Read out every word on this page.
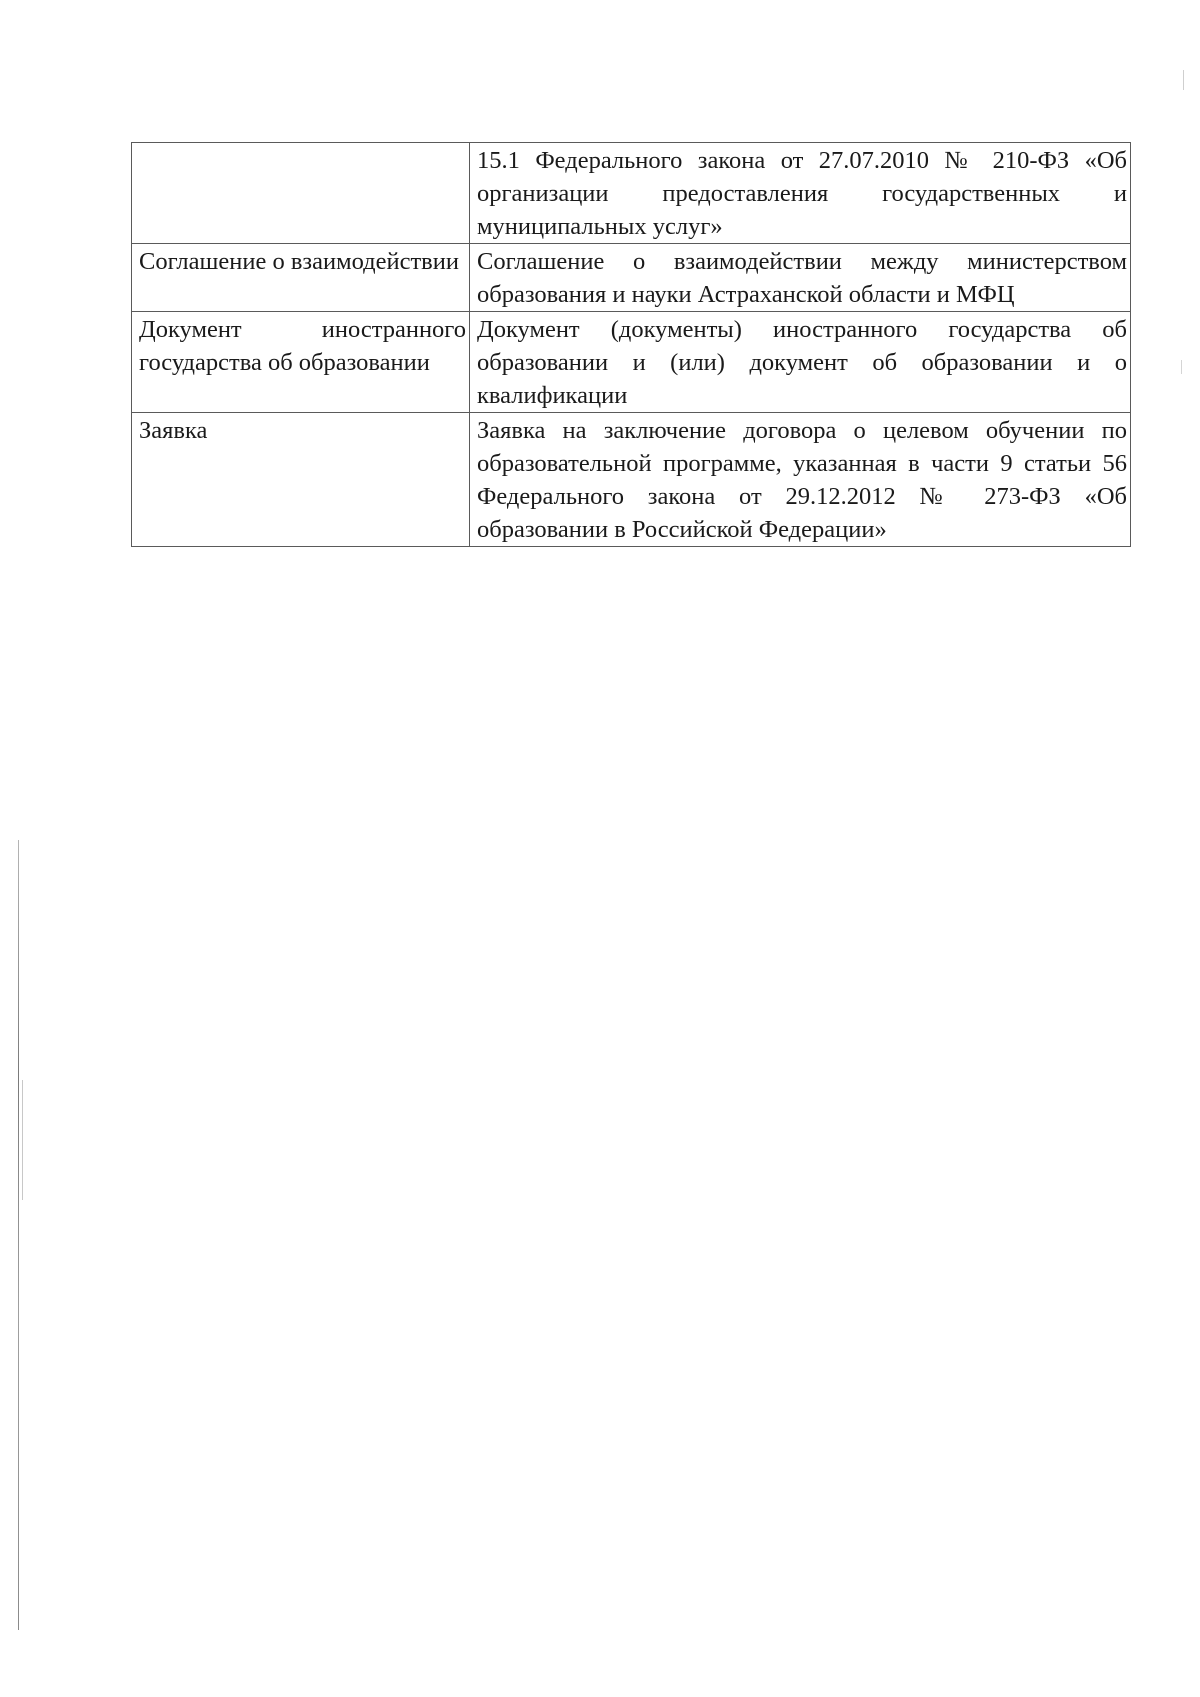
	15.1 Федерального закона от 27.07.2010 № 210-ФЗ «Об организации предоставления государственных и муниципальных услуг»

Соглашение о взаимодействии	Соглашение о взаимодействии между министерством образования и науки Астраханской области и МФЦ

Документ иностранного государства об образовании	Документ (документы) иностранного государства об образовании и (или) документ об образовании и о квалификации

Заявка	Заявка на заключение договора о целевом обучении по образовательной программе, указанная в части 9 статьи 56 Федерального закона от 29.12.2012 № 273-ФЗ «Об образовании в Российской Федерации»
